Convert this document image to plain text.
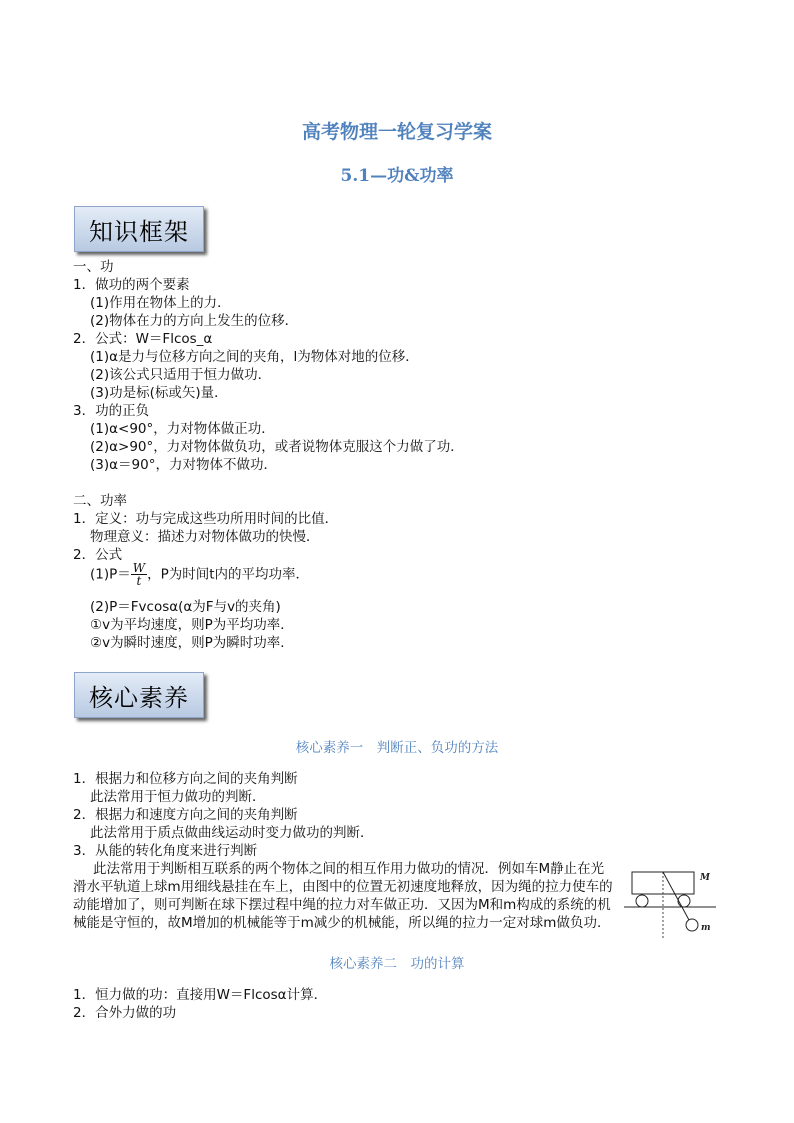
高考物理一轮复习学案
5.1—功&功率
知识框架
一、功
1．做功的两个要素
(1)作用在物体上的力．
(2)物体在力的方向上发生的位移．
2．公式：W＝Flcos_α
(1)α是力与位移方向之间的夹角，l为物体对地的位移．
(2)该公式只适用于恒力做功．
(3)功是标(标或矢)量．
3．功的正负
(1)α<90°，力对物体做正功．
(2)α>90°，力对物体做负功，或者说物体克服这个力做了功．
(3)α＝90°，力对物体不做功．
二、功率
1．定义：功与完成这些功所用时间的比值．
物理意义：描述力对物体做功的快慢．
2．公式
$(1)P= \frac{W}{t}$ ，P为时间t内的平均功率．
(2)P＝Fvcosα(α为F与v的夹角)
①v为平均速度，则P为平均功率．
②v为瞬时速度，则P为瞬时功率．
核心素养
核心素养一　判断正、负功的方法
1．根据力和位移方向之间的夹角判断
此法常用于恒力做功的判断．
2．根据力和速度方向之间的夹角判断
此法常用于质点做曲线运动时变力做功的判断．
3．从能的转化角度来进行判断
此法常用于判断相互联系的两个物体之间的相互作用力做功的情况．例如车M静止在光滑水平轨道上球m用细线悬挂在车上，由图中的位置无初速度地释放，因为绳的拉力使车的动能增加了，则可判断在球下摆过程中绳的拉力对车做正功．又因为M和m构成的系统的机械能是守恒的，故M增加的机械能等于m减少的机械能，所以绳的拉力一定对球m做负功．
M
m
核心素养二　功的计算
1．恒力做的功：直接用W＝Flcosα计算．
2．合外力做的功
